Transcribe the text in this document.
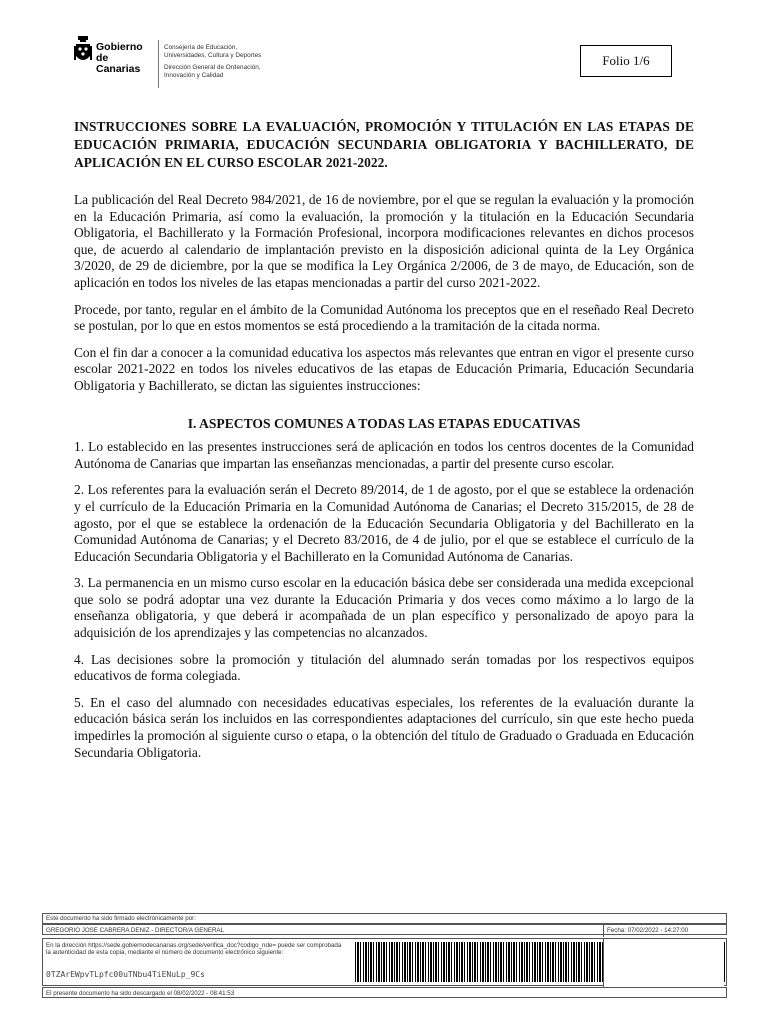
Gobierno
de Canarias
Consejería de Educación,
Universidades, Cultura y Deportes
Dirección General de Ordenación,
Innovación y Calidad
Folio 1/6
INSTRUCCIONES SOBRE LA EVALUACIÓN, PROMOCIÓN Y TITULACIÓN EN LAS ETAPAS DE EDUCACIÓN PRIMARIA, EDUCACIÓN SECUNDARIA OBLIGATORIA Y BACHILLERATO, DE APLICACIÓN EN EL CURSO ESCOLAR 2021-2022.

La publicación del Real Decreto 984/2021, de 16 de noviembre, por el que se regulan la evaluación y la promoción en la Educación Primaria, así como la evaluación, la promoción y la titulación en la Educación Secundaria Obligatoria, el Bachillerato y la Formación Profesional, incorpora modificaciones relevantes en dichos procesos que, de acuerdo al calendario de implantación previsto en la disposición adicional quinta de la Ley Orgánica 3/2020, de 29 de diciembre, por la que se modifica la Ley Orgánica 2/2006, de 3 de mayo, de Educación, son de aplicación en todos los niveles de las etapas mencionadas a partir del curso 2021-2022.

Procede, por tanto, regular en el ámbito de la Comunidad Autónoma los preceptos que en el reseñado Real Decreto se postulan, por lo que en estos momentos se está procediendo a la tramitación de la citada norma.

Con el fin dar a conocer a la comunidad educativa los aspectos más relevantes que entran en vigor el presente curso escolar 2021-2022 en todos los niveles educativos de las etapas de Educación Primaria, Educación Secundaria Obligatoria y Bachillerato, se dictan las siguientes instrucciones:

I. ASPECTOS COMUNES A TODAS LAS ETAPAS EDUCATIVAS

1. Lo establecido en las presentes instrucciones será de aplicación en todos los centros docentes de la Comunidad Autónoma de Canarias que impartan las enseñanzas mencionadas, a partir del presente curso escolar.

2. Los referentes para la evaluación serán el Decreto 89/2014, de 1 de agosto, por el que se establece la ordenación y el currículo de la Educación Primaria en la Comunidad Autónoma de Canarias; el Decreto 315/2015, de 28 de agosto, por el que se establece la ordenación de la Educación Secundaria Obligatoria y del Bachillerato en la Comunidad Autónoma de Canarias; y el Decreto 83/2016, de 4 de julio, por el que se establece el currículo de la Educación Secundaria Obligatoria y el Bachillerato en la Comunidad Autónoma de Canarias.

3. La permanencia en un mismo curso escolar en la educación básica debe ser considerada una medida excepcional que solo se podrá adoptar una vez durante la Educación Primaria y dos veces como máximo a lo largo de la enseñanza obligatoria, y que deberá ir acompañada de un plan específico y personalizado de apoyo para la adquisición de los aprendizajes y las competencias no alcanzados.

4. Las decisiones sobre la promoción y titulación del alumnado serán tomadas por los respectivos equipos educativos de forma colegiada.

5. En el caso del alumnado con necesidades educativas especiales, los referentes de la evaluación durante la educación básica serán los incluidos en las correspondientes adaptaciones del currículo, sin que este hecho pueda impedirles la promoción al siguiente curso o etapa, o la obtención del título de Graduado o Graduada en Educación Secundaria Obligatoria.

Este documento ha sido firmado electrónicamente por:
GREGORIO JOSE CABRERA DENIZ - DIRECTOR/A GENERAL	Fecha: 07/02/2022 - 14:27:00
En la dirección https://sede.gobiernodecanarias.org/sede/verifica_doc?codigo_nde= puede ser comprobada la autenticidad de esta copia, mediante el número de documento electrónico siguiente:
0TZArEWpvTLpfc00uTNbu4TiENuLp_9Cs
El presente documento ha sido descargado el 08/02/2022 - 08:41:53
